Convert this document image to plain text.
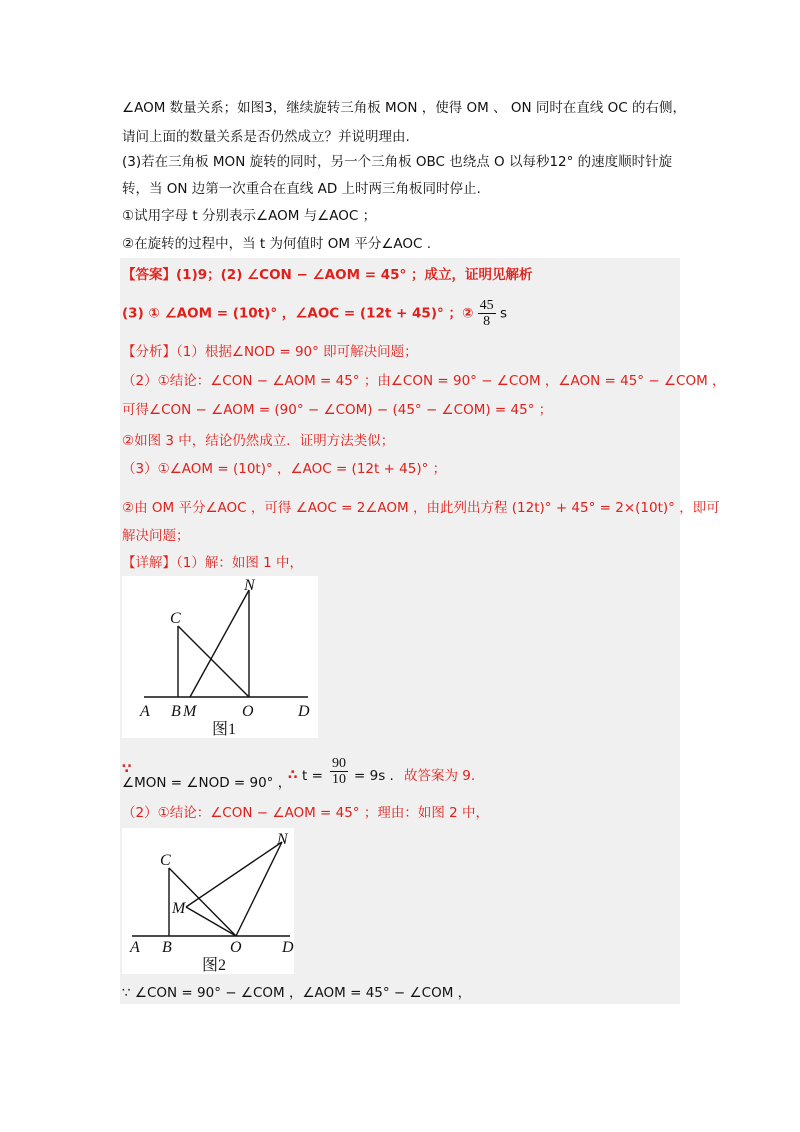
∠AOM 数量关系；如图3，继续旋转三角板 MON ，使得 OM 、 ON 同时在直线 OC 的右侧，
请问上面的数量关系是否仍然成立？并说明理由.
(3)若在三角板 MON 旋转的同时，另一个三角板 OBC 也绕点 O 以每秒12° 的速度顺时针旋
转，当 ON 边第一次重合在直线 AD 上时两三角板同时停止.
①试用字母 t 分别表示∠AOM 与∠AOC ；
②在旋转的过程中，当 t 为何值时 OM 平分∠AOC .
【答案】(1)9；(2) ∠CON − ∠AOM = 45° ；成立，证明见解析
(3) ① ∠AOM = (10t)° ，∠AOC = (12t + 45)° ；② $\frac{45}{8}$ s
【分析】（1）根据∠NOD = 90° 即可解决问题；
（2）①结论：∠CON − ∠AOM = 45° ；由∠CON = 90° − ∠COM ，∠AON = 45° − ∠COM ，
可得∠CON − ∠AOM = (90° − ∠COM) − (45° − ∠COM) = 45° ；
②如图 3 中，结论仍然成立．证明方法类似；
（3）①∠AOM = (10t)° ，∠AOC = (12t + 45)° ；
②由 OM 平分∠AOC ，可得 ∠AOC = 2∠AOM ，由此列出方程 (12t)° + 45° = 2×(10t)° ，即可
解决问题；
【详解】（1）解：如图 1 中，
N
C
A B M	O	D
图1
∵
∠MON = ∠NOD = 90° ，
∴ $t = \frac{90}{10} = 9s$ . 故答案为 9.
（2）①结论：∠CON − ∠AOM = 45° ；理由：如图 2 中，
N
C
M
A B	O	D
图2
∵ ∠CON = 90° − ∠COM ，∠AOM = 45° − ∠COM ，
